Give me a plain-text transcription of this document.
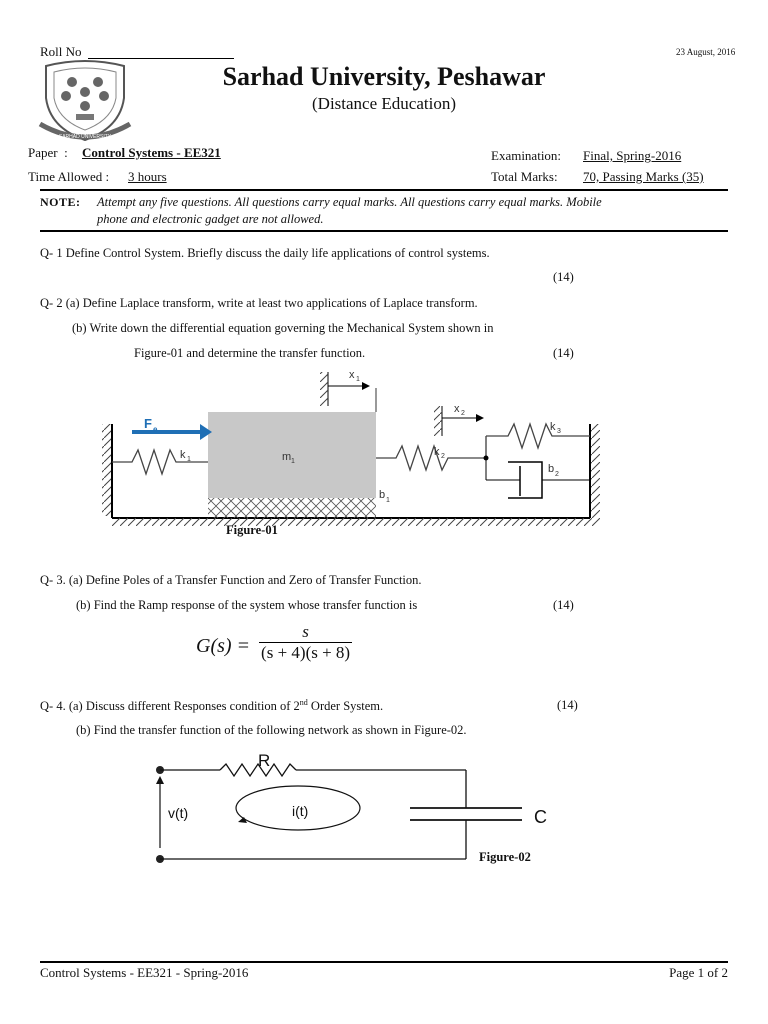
Roll No	23 August, 2016
SARHAD UNIVERSITY
Sarhad University, Peshawar
(Distance Education)
Paper  : Control Systems - EE321
Time Allowed : 3 hours
Examination: Final, Spring-2016
Total Marks: 70, Passing Marks (35)
NOTE: Attempt any five questions. All questions carry equal marks. All questions carry equal marks. Mobile
phone and electronic gadget are not allowed.
Q- 1 Define Control System. Briefly discuss the daily life applications of control systems.
(14)
Q- 2 (a) Define Laplace transform, write at least two applications of Laplace transform.
(b) Write down the differential equation governing the Mechanical System shown in
Figure-01 and determine the transfer function.	(14)
F e
k 1	m 1
k 2
k 3
b 1
b 2
x 1
x 2
Figure-01
Q- 3. (a) Define Poles of a Transfer Function and Zero of Transfer Function.
(b) Find the Ramp response of the system whose transfer function is	(14)
$G(s) = \frac{s}{(s + 4)(s + 8)}$
Q- 4. (a) Discuss different Responses condition of 2nd Order System.	(14)
(b) Find the transfer function of the following network as shown in Figure-02.
R
v(t)	i(t)	C
Figure-02
Control Systems - EE321 - Spring-2016	Page 1 of 2
